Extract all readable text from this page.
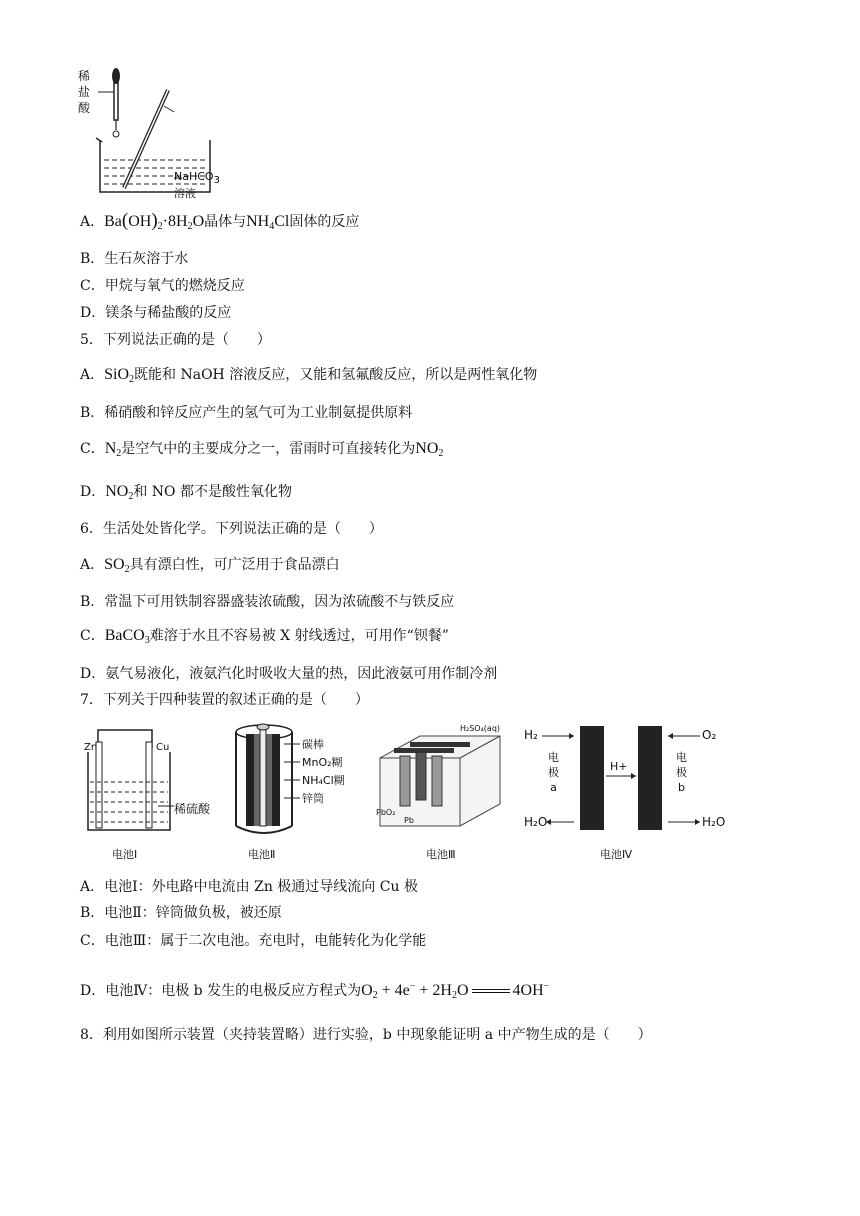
稀
盐
酸
NaHCO$_3$
溶液
A．$Ba(OH)_2\cdot 8H_2O$晶体与$NH_4Cl$固体的反应
B．生石灰溶于水
C．甲烷与氧气的燃烧反应
D．镁条与稀盐酸的反应
5．下列说法正确的是（　　）
A．SiO$_2$既能和 NaOH 溶液反应，又能和氢氟酸反应，所以是两性氧化物
B．稀硝酸和锌反应产生的氢气可为工业制氨提供原料
C．$N_2$是空气中的主要成分之一，雷雨时可直接转化为$NO_2$
D．$NO_2$和 NO 都不是酸性氧化物
6．生活处处皆化学。下列说法正确的是（　　）
A．$SO_2$具有漂白性，可广泛用于食品漂白
B．常温下可用铁制容器盛装浓硫酸，因为浓硫酸不与铁反应
C．BaCO$_3$难溶于水且不容易被 X 射线透过，可用作“钡餐”
D．氨气易液化，液氨汽化时吸收大量的热，因此液氨可用作制冷剂
7．下列关于四种装置的叙述正确的是（　　）
Zn	Cu
稀硫酸
电池Ⅰ
碳棒
MnO₂糊
NH₄Cl糊
锌筒
电池Ⅱ
H₂SO₄(aq)
PbO₂
Pb
电池Ⅲ
H₂	O₂
H+
电
极
a
电
极
b
H₂O	H₂O
电池Ⅳ
A．电池Ⅰ：外电路中电流由 Zn 极通过导线流向 Cu 极
B．电池Ⅱ：锌筒做负极，被还原
C．电池Ⅲ：属于二次电池。充电时，电能转化为化学能
D．电池Ⅳ：电极 b 发生的电极反应方程式为$O_2 + 4e^- + 2H_2O$	4OH−
8．利用如图所示装置（夹持装置略）进行实验，b 中现象能证明 a 中产物生成的是（　　）
